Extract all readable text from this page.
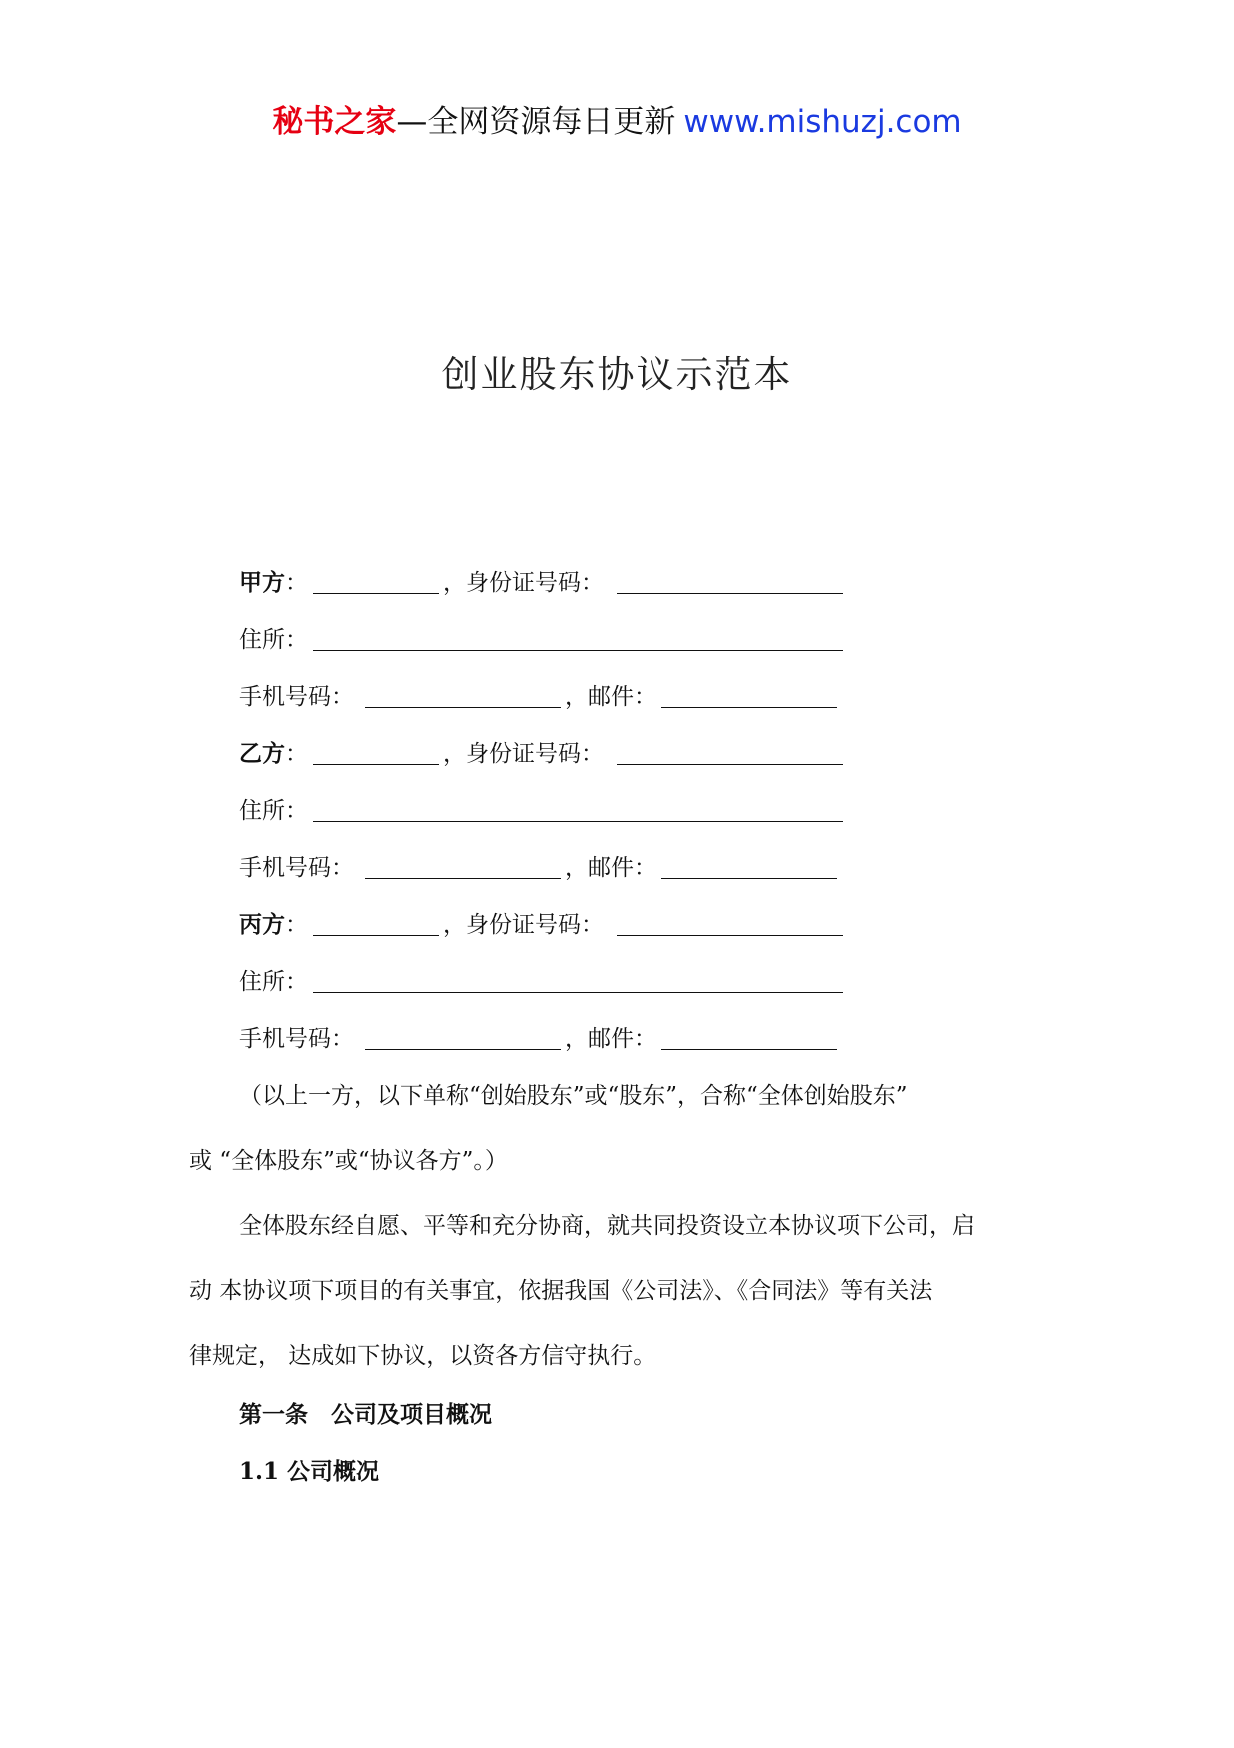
秘书之家—全网资源每日更新 www.mishuzj.com
创业股东协议示范本
甲方 ：	，身份证号码：
住所：
手机号码：	，邮件：
乙方 ：	，身份证号码：
住所：
手机号码：	，邮件：
丙方 ：	，身份证号码：
住所：
手机号码：	，邮件：
（以上一方，以下单称“创始股东”或“股东”，合称“全体创始股东”
或 “全体股东”或“协议各方”。）
全体股东经自愿、平等和充分协商，就共同投资设立本协议项下公司，启
动 本协议项下项目的有关事宜，依据我国《公司法》、《合同法》等有关法
律规定， 达成如下协议，以资各方信守执行。
第一条　公司及项目概况
1.1 公司概况
